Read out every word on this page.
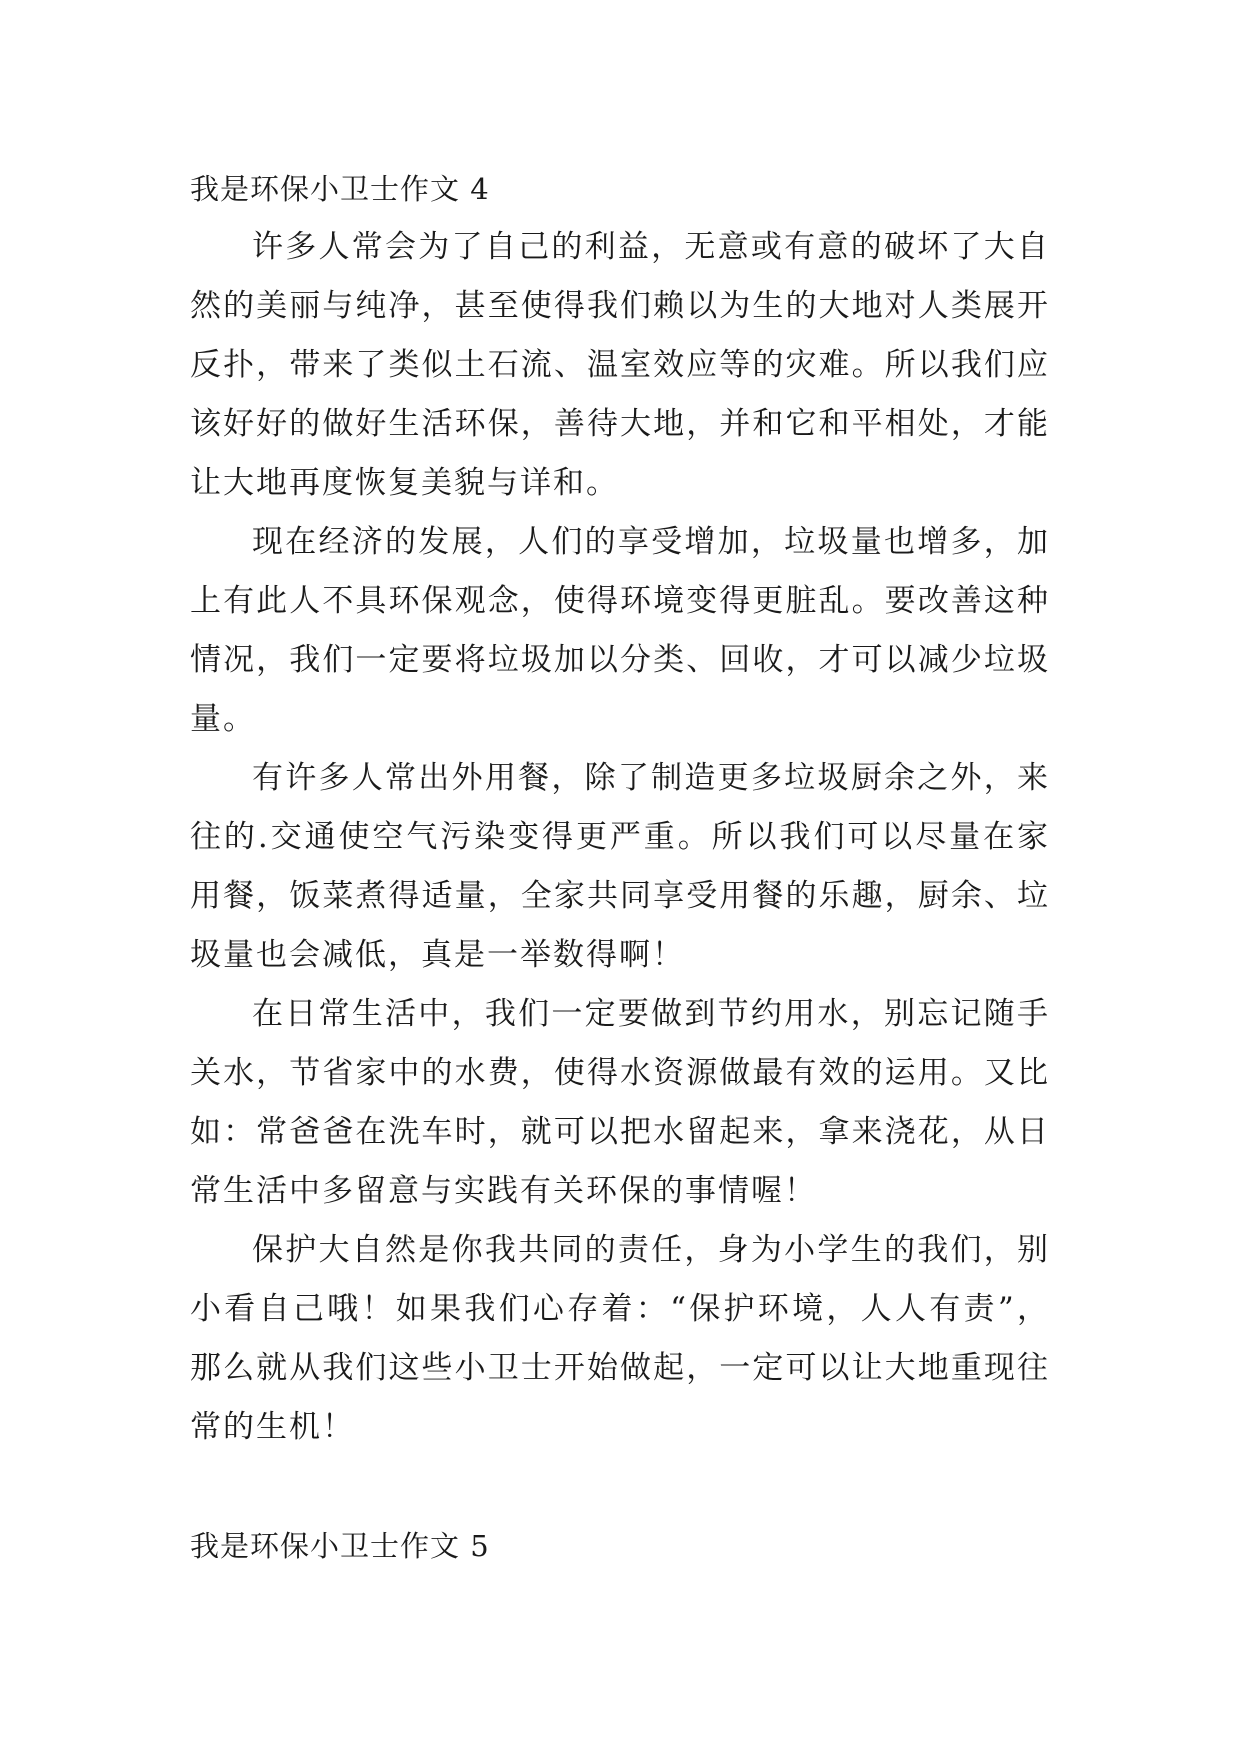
我是环保小卫士作文 4

许多人常会为了自己的利益，无意或有意的破坏了大自然的美丽与纯净，甚至使得我们赖以为生的大地对人类展开反扑，带来了类似土石流、温室效应等的灾难。所以我们应该好好的做好生活环保，善待大地，并和它和平相处，才能让大地再度恢复美貌与详和。

现在经济的发展，人们的享受增加，垃圾量也增多，加上有此人不具环保观念，使得环境变得更脏乱。要改善这种情况，我们一定要将垃圾加以分类、回收，才可以减少垃圾量。

有许多人常出外用餐，除了制造更多垃圾厨余之外，来往的.交通使空气污染变得更严重。所以我们可以尽量在家用餐，饭菜煮得适量，全家共同享受用餐的乐趣，厨余、垃圾量也会减低，真是一举数得啊！

在日常生活中，我们一定要做到节约用水，别忘记随手关水，节省家中的水费，使得水资源做最有效的运用。又比如：常爸爸在洗车时，就可以把水留起来，拿来浇花，从日常生活中多留意与实践有关环保的事情喔！

保护大自然是你我共同的责任，身为小学生的我们，别小看自己哦！如果我们心存着：“保护环境，人人有责”，那么就从我们这些小卫士开始做起，一定可以让大地重现往常的生机！

我是环保小卫士作文 5
